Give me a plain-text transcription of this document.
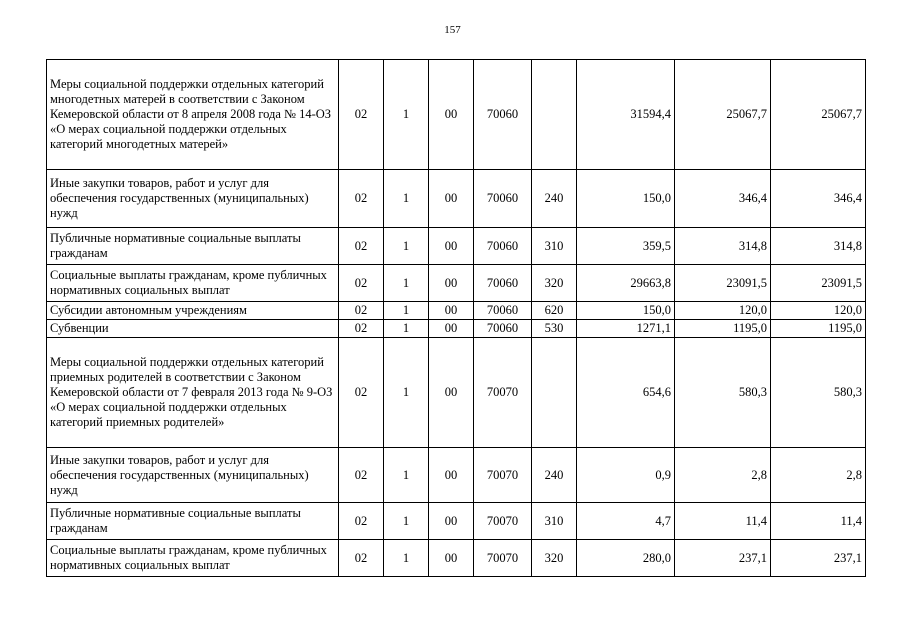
157
Меры социальной поддержки отдельных категорий многодетных матерей в соответствии с Законом Кемеровской области от 8 апреля 2008 года № 14-ОЗ «О мерах социальной поддержки отдельных категорий многодетных матерей»	02	1	00	70060		31594,4	25067,7	25067,7
Иные закупки товаров, работ и услуг для обеспечения государственных (муниципальных) нужд	02	1	00	70060	240	150,0	346,4	346,4
Публичные нормативные социальные выплаты гражданам	02	1	00	70060	310	359,5	314,8	314,8
Социальные выплаты гражданам, кроме публичных нормативных социальных выплат	02	1	00	70060	320	29663,8	23091,5	23091,5
Субсидии автономным учреждениям	02	1	00	70060	620	150,0	120,0	120,0
Субвенции	02	1	00	70060	530	1271,1	1195,0	1195,0
Меры социальной поддержки отдельных категорий приемных родителей в соответствии с Законом Кемеровской области от 7 февраля 2013 года № 9-ОЗ «О мерах социальной поддержки отдельных категорий приемных родителей»	02	1	00	70070		654,6	580,3	580,3
Иные закупки товаров, работ и услуг для обеспечения государственных (муниципальных) нужд	02	1	00	70070	240	0,9	2,8	2,8
Публичные нормативные социальные выплаты гражданам	02	1	00	70070	310	4,7	11,4	11,4
Социальные выплаты гражданам, кроме публичных нормативных социальных выплат	02	1	00	70070	320	280,0	237,1	237,1
